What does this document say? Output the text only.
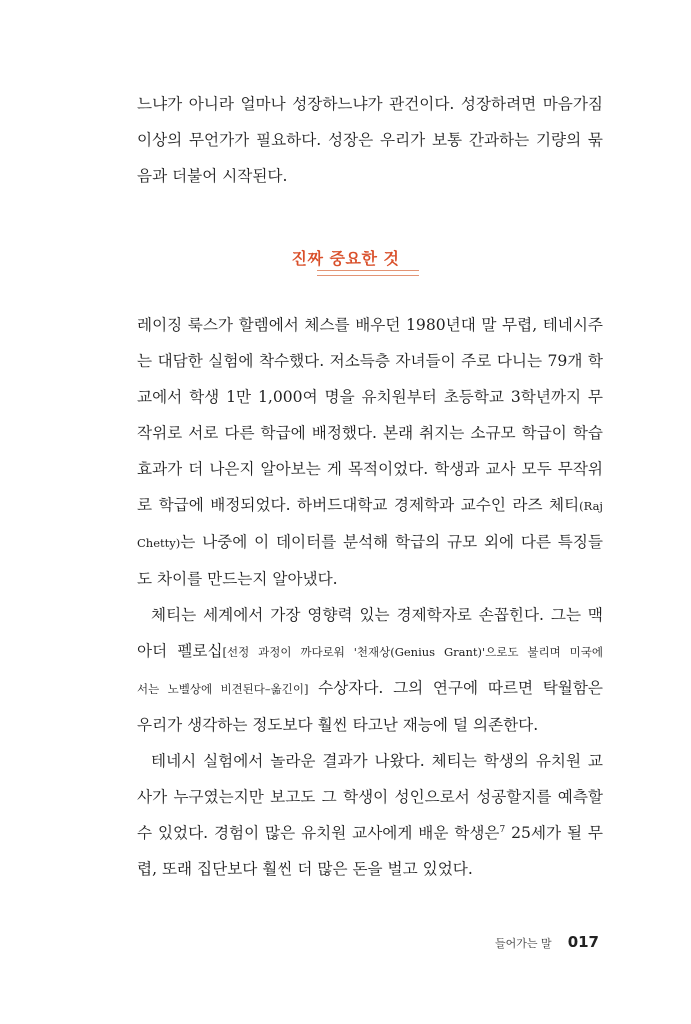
느냐가 아니라 얼마나 성장하느냐가 관건이다. 성장하려면 마음가짐
이상의 무언가가 필요하다. 성장은 우리가 보통 간과하는 기량의 묶
음과 더불어 시작된다.
진짜 중요한 것
레이징 룩스가 할렘에서 체스를 배우던 1980년대 말 무렵, 테네시주
는 대담한 실험에 착수했다. 저소득층 자녀들이 주로 다니는 79개 학
교에서 학생 1만 1,000여 명을 유치원부터 초등학교 3학년까지 무
작위로 서로 다른 학급에 배정했다. 본래 취지는 소규모 학급이 학습
효과가 더 나은지 알아보는 게 목적이었다. 학생과 교사 모두 무작위
로 학급에 배정되었다. 하버드대학교 경제학과 교수인 라즈 체티(Raj
Chetty)는 나중에 이 데이터를 분석해 학급의 규모 외에 다른 특징들
도 차이를 만드는지 알아냈다.
체티는 세계에서 가장 영향력 있는 경제학자로 손꼽힌다. 그는 맥
아더 펠로십[선정 과정이 까다로워 '천재상(Genius Grant)'으로도 불리며 미국에
서는 노벨상에 비견된다–옮긴이] 수상자다. 그의 연구에 따르면 탁월함은
우리가 생각하는 정도보다 훨씬 타고난 재능에 덜 의존한다.
테네시 실험에서 놀라운 결과가 나왔다. 체티는 학생의 유치원 교
사가 누구였는지만 보고도 그 학생이 성인으로서 성공할지를 예측할
수 있었다. 경험이 많은 유치원 교사에게 배운 학생은$^7$ 25세가 될 무
렵, 또래 집단보다 훨씬 더 많은 돈을 벌고 있었다.
들어가는 말 017
